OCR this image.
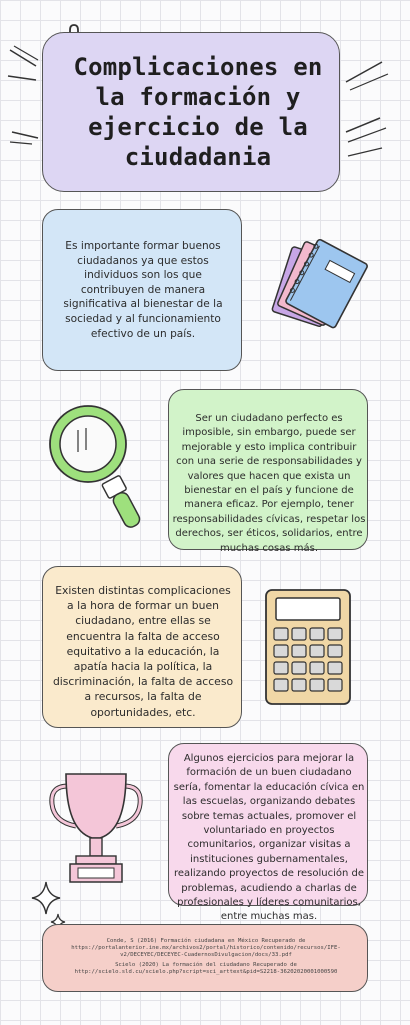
Complicaciones en
la formación y
ejercicio de la
ciudadania

Es importante formar buenos ciudadanos ya que estos individuos son los que contribuyen de manera significativa al bienestar de la sociedad y al funcionamiento efectivo de un país.

Ser un ciudadano perfecto es imposible, sin embargo, puede ser mejorable y esto implica contribuir con una serie de responsabilidades y valores que hacen que exista un bienestar en el país y funcione de manera eficaz. Por ejemplo, tener responsabilidades cívicas, respetar los derechos, ser éticos, solidarios, entre muchas cosas más.

Existen distintas complicaciones a la hora de formar un buen ciudadano, entre ellas se encuentra la falta de acceso equitativo a la educación, la apatía hacia la política, la discriminación, la falta de acceso a recursos, la falta de oportunidades, etc.

Algunos ejercicios para mejorar la formación de un buen ciudadano sería, fomentar la educación cívica en las escuelas, organizando debates sobre temas actuales, promover el voluntariado en proyectos comunitarios, organizar visitas a instituciones gubernamentales, realizando proyectos de resolución de problemas, acudiendo a charlas de profesionales y líderes comunitarios, entre muchas mas.

Conde, S (2016) Formación ciudadana en México Recuperado de https://portalanterior.ine.mx/archivos2/portal/historico/contenido/recursos/IFE-v2/DECEYEC/DECEYEC-CuadernosDivulgacion/docs/33.pdf

Scielo (2020) La formación del ciudadano Recuperado de http://scielo.sld.cu/scielo.php?script=sci_arttext&pid=S2218-36202020001000590
